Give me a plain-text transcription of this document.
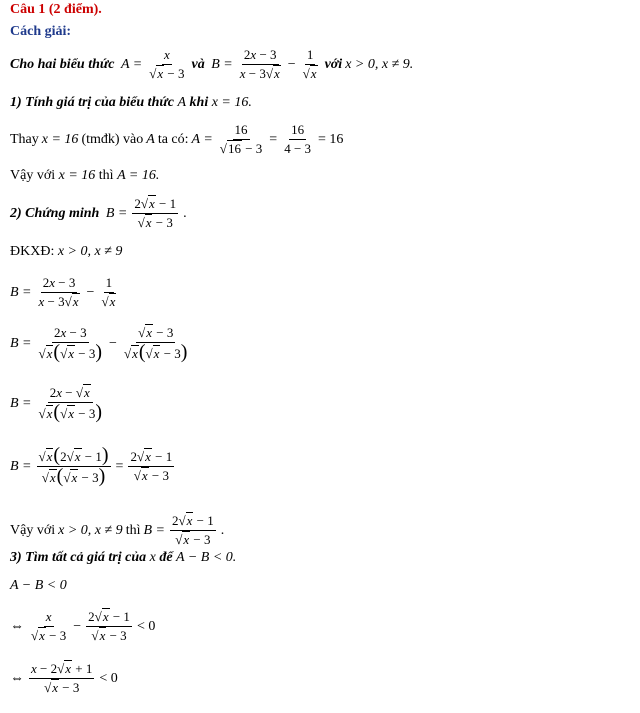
Câu 1 (2 điểm).
Cách giải:
Cho hai biểu thức $A = \frac{x}{√x - 3}$ và $B = \frac{2x - 3}{x - 3√x} - \frac{1}{√x}$ với x > 0, x ≠ 9.
1) Tính giá trị của biểu thức A khi x = 16.
Thay x = 16 (tmđk) vào A ta có: $A = \frac{16}{√16 - 3} = \frac{16}{4 - 3} = 16$
Vậy với x = 16 thì A = 16.
2) Chứng minh $B = \frac{2√x - 1}{√x - 3}$ .
ĐKXĐ: x > 0, x ≠ 9
$B = \frac{2x - 3}{x - 3√x} - \frac{1}{√x}$
$B = \frac{2x - 3}{√x(√x - 3)} - \frac{√x - 3}{√x(√x - 3)}$
$B = \frac{2x - √x}{√x(√x - 3)}$
$B = \frac{√x(2√x - 1)}{√x(√x - 3)} = \frac{2√x - 1}{√x - 3}$
Vậy với x > 0, x ≠ 9 thì $B = \frac{2√x - 1}{√x - 3}$ .
3) Tìm tất cả giá trị của x để A − B < 0.
A − B < 0
⇔ $\frac{x}{√x - 3} - \frac{2√x - 1}{√x - 3} < 0$
⇔ $\frac{x - 2√x + 1}{√x - 3} < 0$
